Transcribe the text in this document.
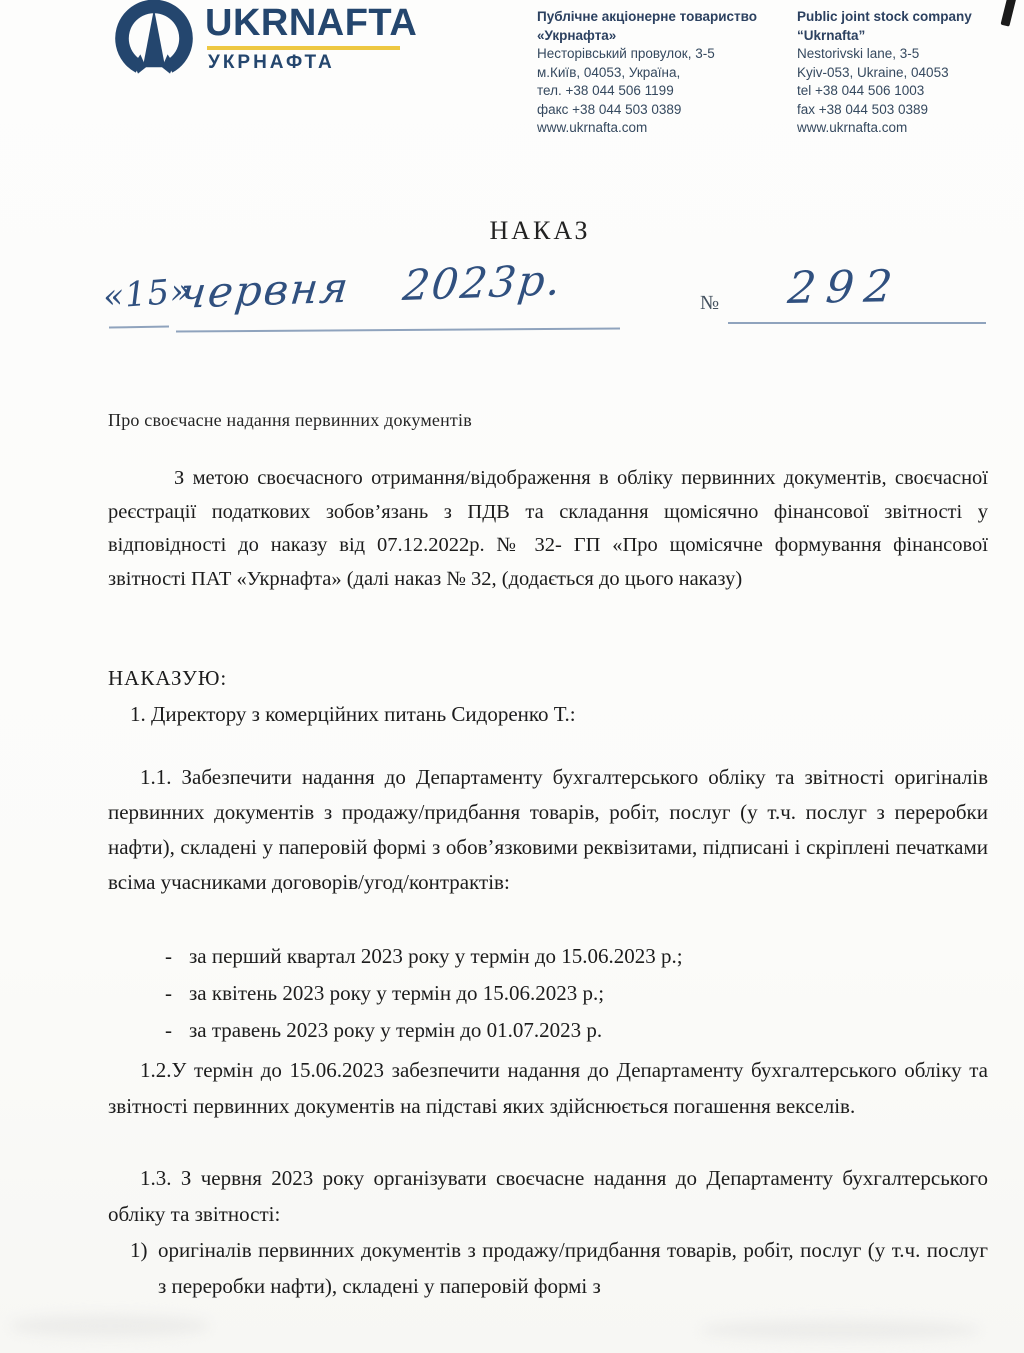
UKRNAFTA
УКРНАФТА
Публічне акціонерне товариство
«Укрнафта»
Несторівський провулок, 3-5
м.Київ, 04053, Україна,
тел. +38 044 506 1199
факс +38 044 503 0389
www.ukrnafta.com
Public joint stock company
“Ukrnafta”
Nestorivski lane, 3-5
Kyiv-053, Ukraine, 04053
tel +38 044 506 1003
fax +38 044 503 0389
www.ukrnafta.com
НАКАЗ
«15»
червня 2023р.	№ 292
Про своєчасне надання первинних документів
З метою своєчасного отримання/відображення в обліку первинних документів, своєчасної реєстрації податкових зобов’язань з ПДВ та складання щомісячно фінансової звітності у відповідності до наказу від 07.12.2022р. № 32- ГП «Про щомісячне формування фінансової звітності ПАТ «Укрнафта» (далі наказ № 32, (додається до цього наказу)
НАКАЗУЮ:
1. Директору з комерційних питань Сидоренко Т.:
1.1. Забезпечити надання до Департаменту бухгалтерського обліку та звітності оригіналів первинних документів з продажу/придбання товарів, робіт, послуг (у т.ч. послуг з переробки нафти), складені у паперовій формі з обов’язковими реквізитами, підписані і скріплені печатками всіма учасниками договорів/угод/контрактів:
- за перший квартал 2023 року у термін до 15.06.2023 р.;
- за квітень 2023 року у термін до 15.06.2023 р.;
- за травень 2023 року у термін до 01.07.2023 р.
1.2.У термін до 15.06.2023 забезпечити надання до Департаменту бухгалтерського обліку та звітності первинних документів на підставі яких здійснюється погашення векселів.
1.3. З червня 2023 року організувати своєчасне надання до Департаменту бухгалтерського обліку та звітності:
1) оригіналів первинних документів з продажу/придбання товарів, робіт, послуг (у т.ч. послуг з переробки нафти), складені у паперовій формі з
